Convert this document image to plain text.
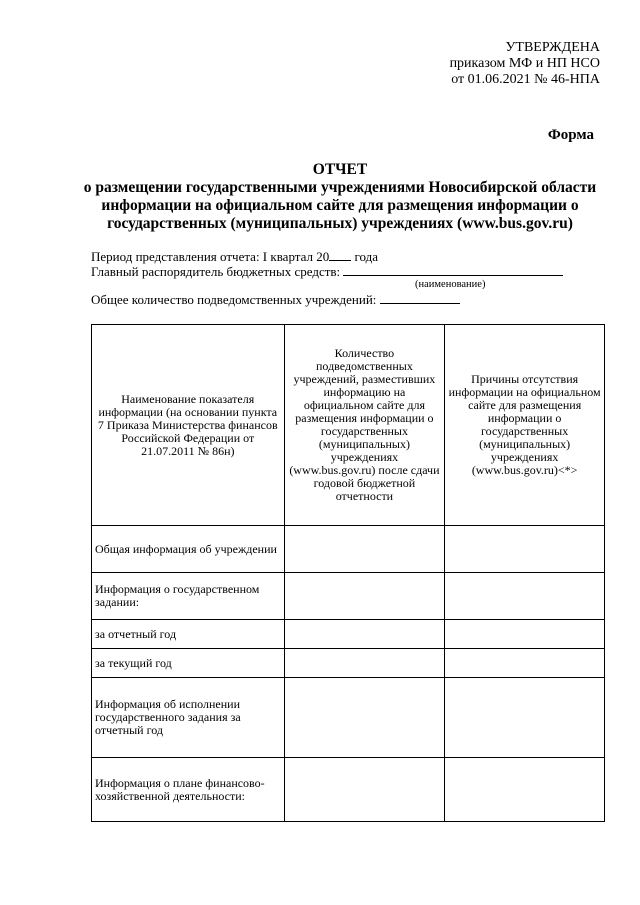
УТВЕРЖДЕНА
приказом МФ и НП НСО
от 01.06.2021 № 46-НПА
Форма
ОТЧЕТ
о размещении государственными учреждениями Новосибирской области
информации на официальном сайте для размещения информации о
государственных (муниципальных) учреждениях (www.bus.gov.ru)
Период представления отчета: I квартал 20 года
Главный распорядитель бюджетных средств:
(наименование)
Общее количество подведомственных учреждений:
Наименование показателя информации (на основании пункта 7 Приказа Министерства финансов Российской Федерации от 21.07.2011 № 86н)	Количество подведомственных учреждений, разместивших информацию на официальном сайте для размещения информации о государственных (муниципальных) учреждениях (www.bus.gov.ru) после сдачи годовой бюджетной отчетности	Причины отсутствия информации на официальном сайте для размещения информации о государственных (муниципальных) учреждениях (www.bus.gov.ru)<*>
Общая информация об учреждении		
Информация о государственном задании:		
за отчетный год		
за текущий год		
Информация об исполнении государственного задания за отчетный год		
Информация о плане финансово-хозяйственной деятельности:		
